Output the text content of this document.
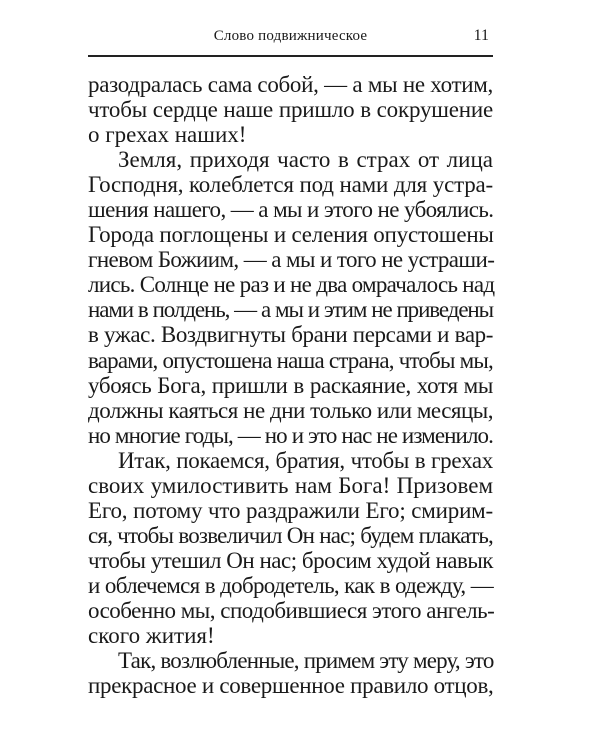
Слово подвижническое	11
разодралась сама собой, — а мы не хотим,
чтобы сердце наше пришло в сокрушение
о грехах наших!
Земля, приходя часто в страх от лица
Господня, колеблется под нами для устра-
шения нашего, — а мы и этого не убоялись.
Города поглощены и селения опустошены
гневом Божиим, — а мы и того не устраши-
лись. Солнце не раз и не два омрачалось над
нами в полдень, — а мы и этим не приведены
в ужас. Воздвигнуты брани персами и вар-
варами, опустошена наша страна, чтобы мы,
убоясь Бога, пришли в раскаяние, хотя мы
должны каяться не дни только или месяцы,
но многие годы, — но и это нас не изменило.
Итак, покаемся, братия, чтобы в грехах
своих умилостивить нам Бога! Призовем
Его, потому что раздражили Его; смирим-
ся, чтобы возвеличил Он нас; будем плакать,
чтобы утешил Он нас; бросим худой навык
и облечемся в добродетель, как в одежду, —
особенно мы, сподобившиеся этого ангель-
ского жития!
Так, возлюбленные, примем эту меру, это
прекрасное и совершенное правило отцов,
